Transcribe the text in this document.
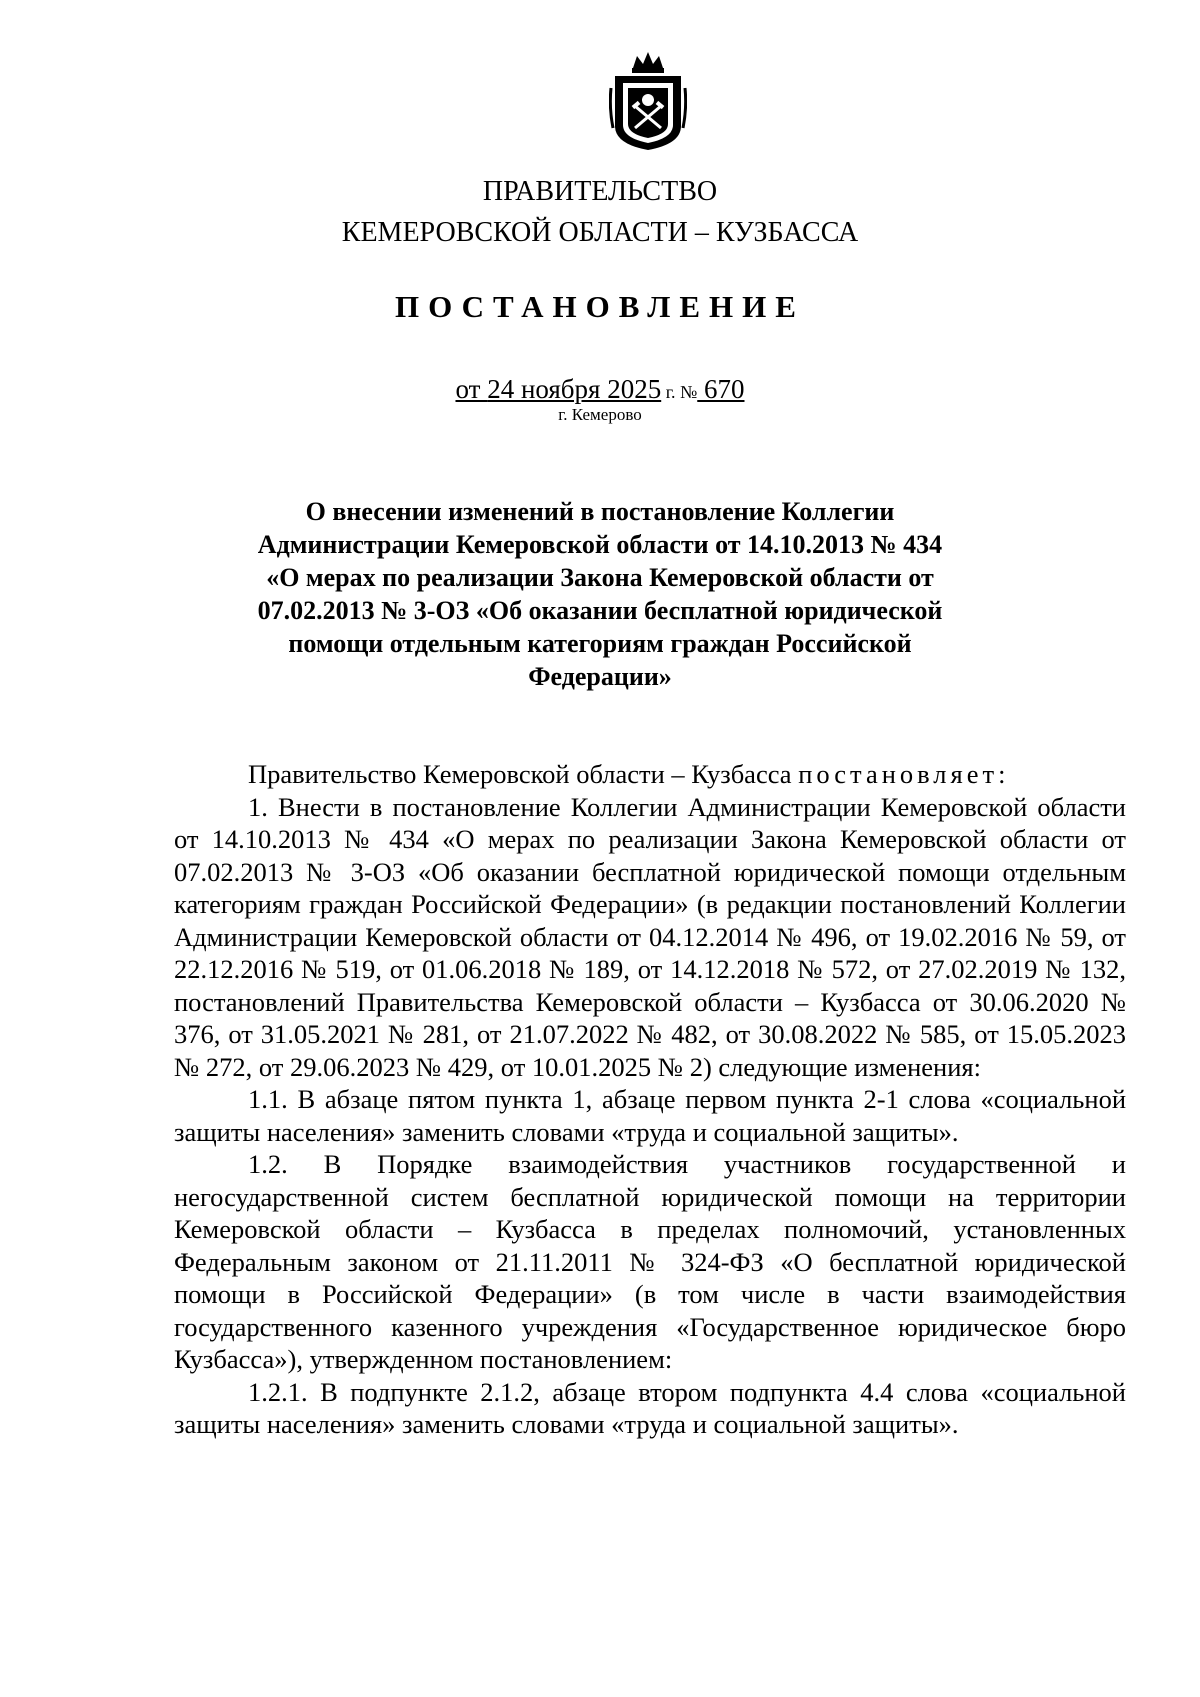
ПРАВИТЕЛЬСТВО
КЕМЕРОВСКОЙ ОБЛАСТИ – КУЗБАССА
ПОСТАНОВЛЕНИЕ
от 24 ноября 2025 г. № 670
г. Кемерово
О внесении изменений в постановление Коллегии Администрации Кемеровской области от 14.10.2013 № 434 «О мерах по реализации Закона Кемеровской области от 07.02.2013 № 3-ОЗ «Об оказании бесплатной юридической помощи отдельным категориям граждан Российской Федерации»

Правительство Кемеровской области – Кузбасса постановляет:

1. Внести в постановление Коллегии Администрации Кемеровской области от 14.10.2013 № 434 «О мерах по реализации Закона Кемеровской области от 07.02.2013 № 3-ОЗ «Об оказании бесплатной юридической помощи отдельным категориям граждан Российской Федерации» (в редакции постановлений Коллегии Администрации Кемеровской области от 04.12.2014 № 496, от 19.02.2016 № 59, от 22.12.2016 № 519, от 01.06.2018 № 189, от 14.12.2018 № 572, от 27.02.2019 № 132, постановлений Правительства Кемеровской области – Кузбасса от 30.06.2020 № 376, от 31.05.2021 № 281, от 21.07.2022 № 482, от 30.08.2022 № 585, от 15.05.2023 № 272, от 29.06.2023 № 429, от 10.01.2025 № 2) следующие изменения:

1.1. В абзаце пятом пункта 1, абзаце первом пункта 2-1 слова «социальной защиты населения» заменить словами «труда и социальной защиты».

1.2. В Порядке взаимодействия участников государственной и негосударственной систем бесплатной юридической помощи на территории Кемеровской области – Кузбасса в пределах полномочий, установленных Федеральным законом от 21.11.2011 № 324-ФЗ «О бесплатной юридической помощи в Российской Федерации» (в том числе в части взаимодействия государственного казенного учреждения «Государственное юридическое бюро Кузбасса»), утвержденном постановлением:

1.2.1. В подпункте 2.1.2, абзаце втором подпункта 4.4 слова «социальной защиты населения» заменить словами «труда и социальной защиты».
